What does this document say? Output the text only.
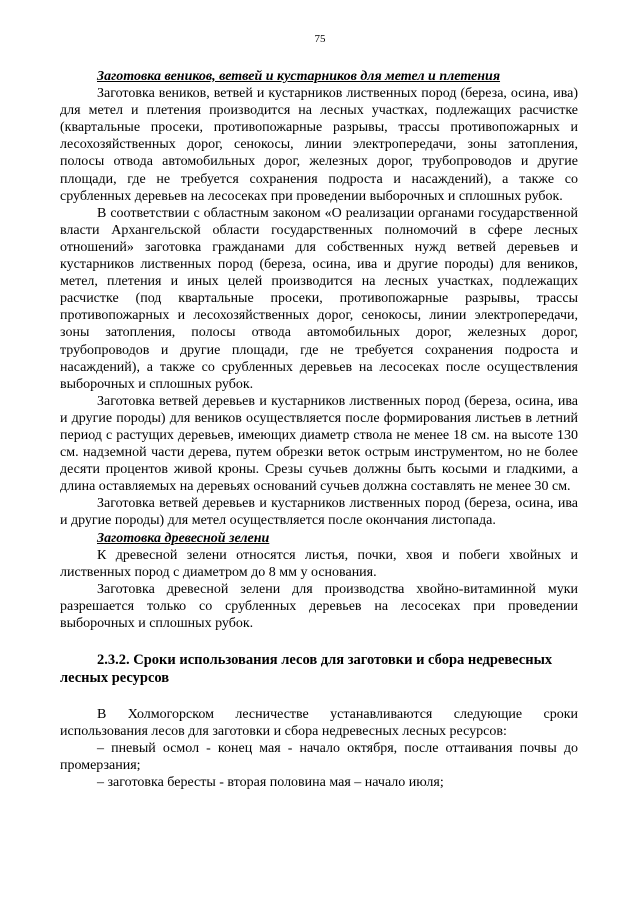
75

Заготовка веников, ветвей и кустарников для метел и плетения

Заготовка веников, ветвей и кустарников лиственных пород (береза, осина, ива) для метел и плетения производится на лесных участках, подлежащих расчистке (квартальные просеки, противопожарные разрывы, трассы противопожарных и лесохозяйственных дорог, сенокосы, линии электропередачи, зоны затопления, полосы отвода автомобильных дорог, железных дорог, трубопроводов и другие площади, где не требуется сохранения подроста и насаждений), а также со срубленных деревьев на лесосеках при проведении выборочных и сплошных рубок.

В соответствии с областным законом «О реализации органами государственной власти Архангельской области государственных полномочий в сфере лесных отношений» заготовка гражданами для собственных нужд ветвей деревьев и кустарников лиственных пород (береза, осина, ива и другие породы) для веников, метел, плетения и иных целей производится на лесных участках, подлежащих расчистке (под квартальные просеки, противопожарные разрывы, трассы противопожарных и лесохозяйственных дорог, сенокосы, линии электропередачи, зоны затопления, полосы отвода автомобильных дорог, железных дорог, трубопроводов и другие площади, где не требуется сохранения подроста и насаждений), а также со срубленных деревьев на лесосеках после осуществления выборочных и сплошных рубок.

Заготовка ветвей деревьев и кустарников лиственных пород (береза, осина, ива и другие породы) для веников осуществляется после формирования листьев в летний период с растущих деревьев, имеющих диаметр ствола не менее 18 см. на высоте 130 см. надземной части дерева, путем обрезки веток острым инструментом, но не более десяти процентов живой кроны. Срезы сучьев должны быть косыми и гладкими, а длина оставляемых на деревьях оснований сучьев должна составлять не менее 30 см.

Заготовка ветвей деревьев и кустарников лиственных пород (береза, осина, ива и другие породы) для метел осуществляется после окончания листопада.

Заготовка древесной зелени

К древесной зелени относятся листья, почки, хвоя и побеги хвойных и лиственных пород с диаметром до 8 мм у основания.

Заготовка древесной зелени для производства хвойно-витаминной муки разрешается только со срубленных деревьев на лесосеках при проведении выборочных и сплошных рубок.

2.3.2. Сроки использования лесов для заготовки и сбора недревесных лесных ресурсов

В Холмогорском лесничестве устанавливаются следующие сроки использования лесов для заготовки и сбора недревесных лесных ресурсов:

– пневый осмол - конец мая - начало октября, после оттаивания почвы до промерзания;

– заготовка бересты - вторая половина мая – начало июля;
